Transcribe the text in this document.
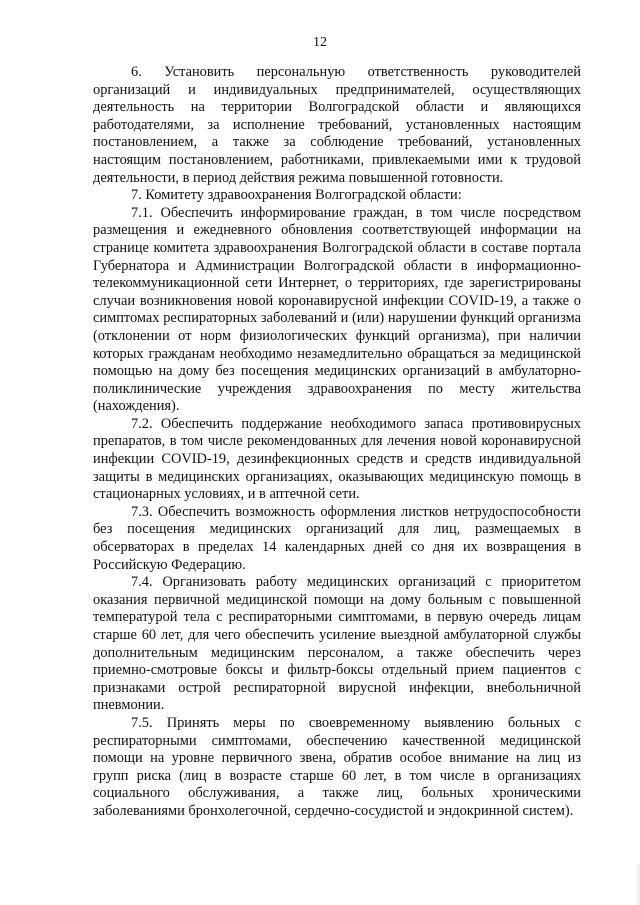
12

6. Установить персональную ответственность руководителей организаций и индивидуальных предпринимателей, осуществляющих деятельность на территории Волгоградской области и являющихся работодателями, за исполнение требований, установленных настоящим постановлением, а также за соблюдение требований, установленных настоящим постановлением, работниками, привлекаемыми ими к трудовой деятельности, в период действия режима повышенной готовности.

7. Комитету здравоохранения Волгоградской области:

7.1. Обеспечить информирование граждан, в том числе посредством размещения и ежедневного обновления соответствующей информации на странице комитета здравоохранения Волгоградской области в составе портала Губернатора и Администрации Волгоградской области в информационно-телекоммуникационной сети Интернет, о территориях, где зарегистрированы случаи возникновения новой коронавирусной инфекции COVID-19, а также о симптомах респираторных заболеваний и (или) нарушении функций организма (отклонении от норм физиологических функций организма), при наличии которых гражданам необходимо незамедлительно обращаться за медицинской помощью на дому без посещения медицинских организаций в амбулаторно-поликлинические учреждения здравоохранения по месту жительства (нахождения).

7.2. Обеспечить поддержание необходимого запаса противовирусных препаратов, в том числе рекомендованных для лечения новой коронавирусной инфекции COVID-19, дезинфекционных средств и средств индивидуальной защиты в медицинских организациях, оказывающих медицинскую помощь в стационарных условиях, и в аптечной сети.

7.3. Обеспечить возможность оформления листков нетрудоспособности без посещения медицинских организаций для лиц, размещаемых в обсерваторах в пределах 14 календарных дней со дня их возвращения в Российскую Федерацию.

7.4. Организовать работу медицинских организаций с приоритетом оказания первичной медицинской помощи на дому больным с повышенной температурой тела с респираторными симптомами, в первую очередь лицам старше 60 лет, для чего обеспечить усиление выездной амбулаторной службы дополнительным медицинским персоналом, а также обеспечить через приемно-смотровые боксы и фильтр-боксы отдельный прием пациентов с признаками острой респираторной вирусной инфекции, внебольничной пневмонии.

7.5. Принять меры по своевременному выявлению больных с респираторными симптомами, обеспечению качественной медицинской помощи на уровне первичного звена, обратив особое внимание на лиц из групп риска (лиц в возрасте старше 60 лет, в том числе в организациях социального обслуживания, а также лиц, больных хроническими заболеваниями бронхолегочной, сердечно-сосудистой и эндокринной систем).
